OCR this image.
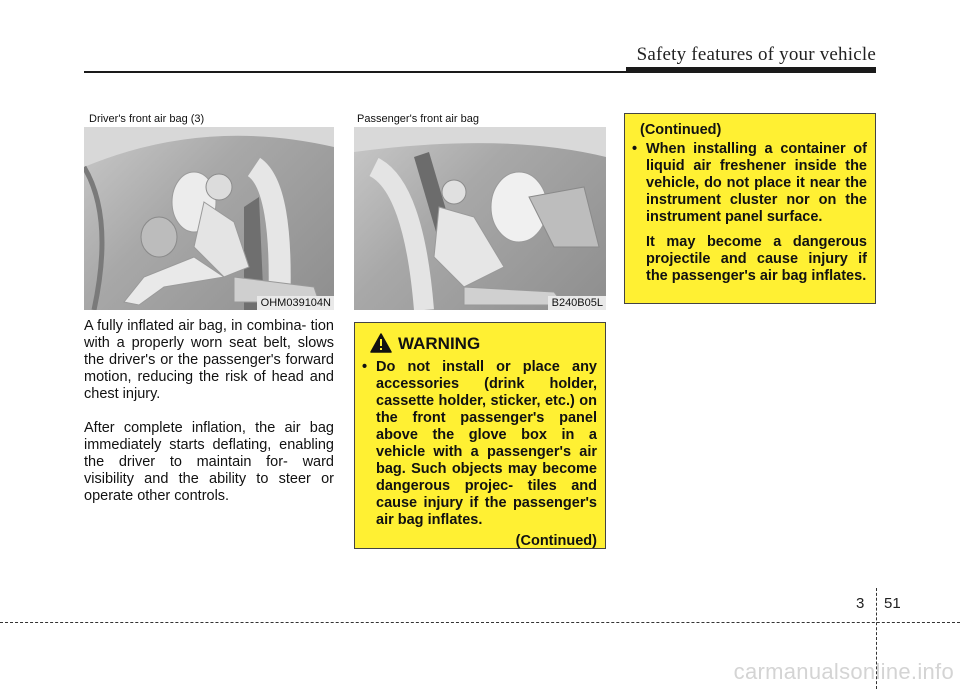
Safety features of your vehicle
Driver's front air bag (3)
OHM039104N
Passenger's front air bag
B240B05L

A fully inflated air bag, in combina- tion with a properly worn seat belt, slows the driver's or the passenger's forward motion, reducing the risk of head and chest injury.

After complete inflation, the air bag immediately starts deflating, enabling the driver to maintain for- ward visibility and the ability to steer or operate other controls.

WARNING
• Do not install or place any accessories (drink holder, cassette holder, sticker, etc.) on the front passenger's panel above the glove box in a vehicle with a passenger's air bag. Such objects may become dangerous projec- tiles and cause injury if the passenger's air bag inflates.
(Continued)
(Continued)
• When installing a container of liquid air freshener inside the vehicle, do not place it near the instrument cluster nor on the instrument panel surface.
It may become a dangerous projectile and cause injury if the passenger's air bag inflates.
3 51
carmanualsonline.info
